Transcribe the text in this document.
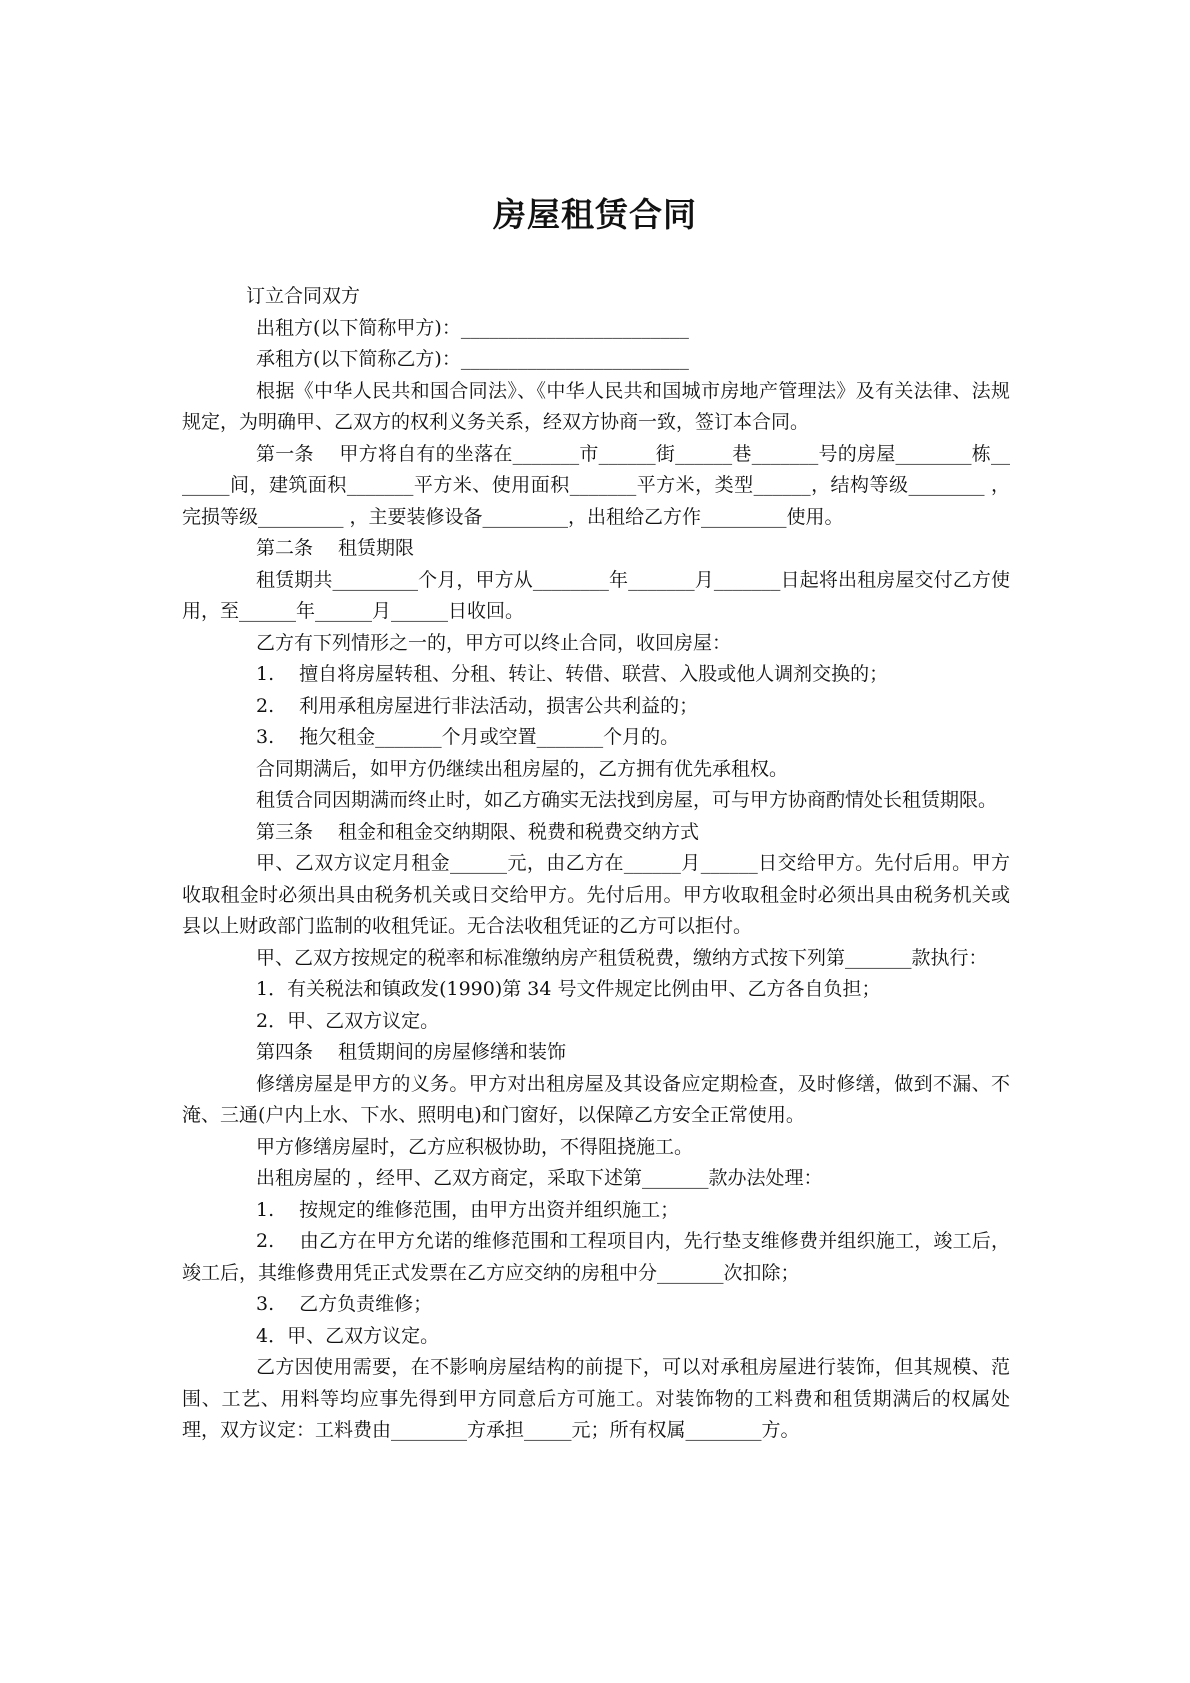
房屋租赁合同

订立合同双方

出租方(以下简称甲方)：________________________

承租方(以下简称乙方)：________________________

根据《中华人民共和国合同法》、《中华人民共和国城市房地产管理法》及有关法律、法规规定，为明确甲、乙双方的权利义务关系，经双方协商一致，签订本合同。

第一条　 甲方将自有的坐落在_______市______街______巷_______号的房屋________栋_______间，建筑面积_______平方米、使用面积_______平方米，类型______，结构等级________ ，完损等级_________ ，主要装修设备_________，出租给乙方作_________使用。

第二条　 租赁期限

租赁期共_________个月，甲方从________年_______月_______日起将出租房屋交付乙方使用，至______年______月______日收回。

乙方有下列情形之一的，甲方可以终止合同，收回房屋：

1.　 擅自将房屋转租、分租、转让、转借、联营、入股或他人调剂交换的；

2.　 利用承租房屋进行非法活动，损害公共利益的；

3.　 拖欠租金_______个月或空置_______个月的。

合同期满后，如甲方仍继续出租房屋的，乙方拥有优先承租权。

租赁合同因期满而终止时，如乙方确实无法找到房屋，可与甲方协商酌情处长租赁期限。

第三条　 租金和租金交纳期限、税费和税费交纳方式

甲、乙双方议定月租金______元，由乙方在______月______日交给甲方。先付后用。甲方收取租金时必须出具由税务机关或日交给甲方。先付后用。甲方收取租金时必须出具由税务机关或县以上财政部门监制的收租凭证。无合法收租凭证的乙方可以拒付。

甲、乙双方按规定的税率和标准缴纳房产租赁税费，缴纳方式按下列第_______款执行：

1．有关税法和镇政发(1990)第 34 号文件规定比例由甲、乙方各自负担；

2．甲、乙双方议定。

第四条　 租赁期间的房屋修缮和装饰

修缮房屋是甲方的义务。甲方对出租房屋及其设备应定期检查，及时修缮，做到不漏、不淹、三通(户内上水、下水、照明电)和门窗好，以保障乙方安全正常使用。

甲方修缮房屋时，乙方应积极协助，不得阻挠施工。

出租房屋的 ，经甲、乙双方商定，采取下述第_______款办法处理：

1.　 按规定的维修范围，由甲方出资并组织施工；

2.　 由乙方在甲方允诺的维修范围和工程项目内，先行垫支维修费并组织施工，竣工后，竣工后，其维修费用凭正式发票在乙方应交纳的房租中分_______次扣除；

3.　 乙方负责维修；

4．甲、乙双方议定。

乙方因使用需要，在不影响房屋结构的前提下，可以对承租房屋进行装饰，但其规模、范围、工艺、用料等均应事先得到甲方同意后方可施工。对装饰物的工料费和租赁期满后的权属处理，双方议定：工料费由________方承担_____元；所有权属________方。
